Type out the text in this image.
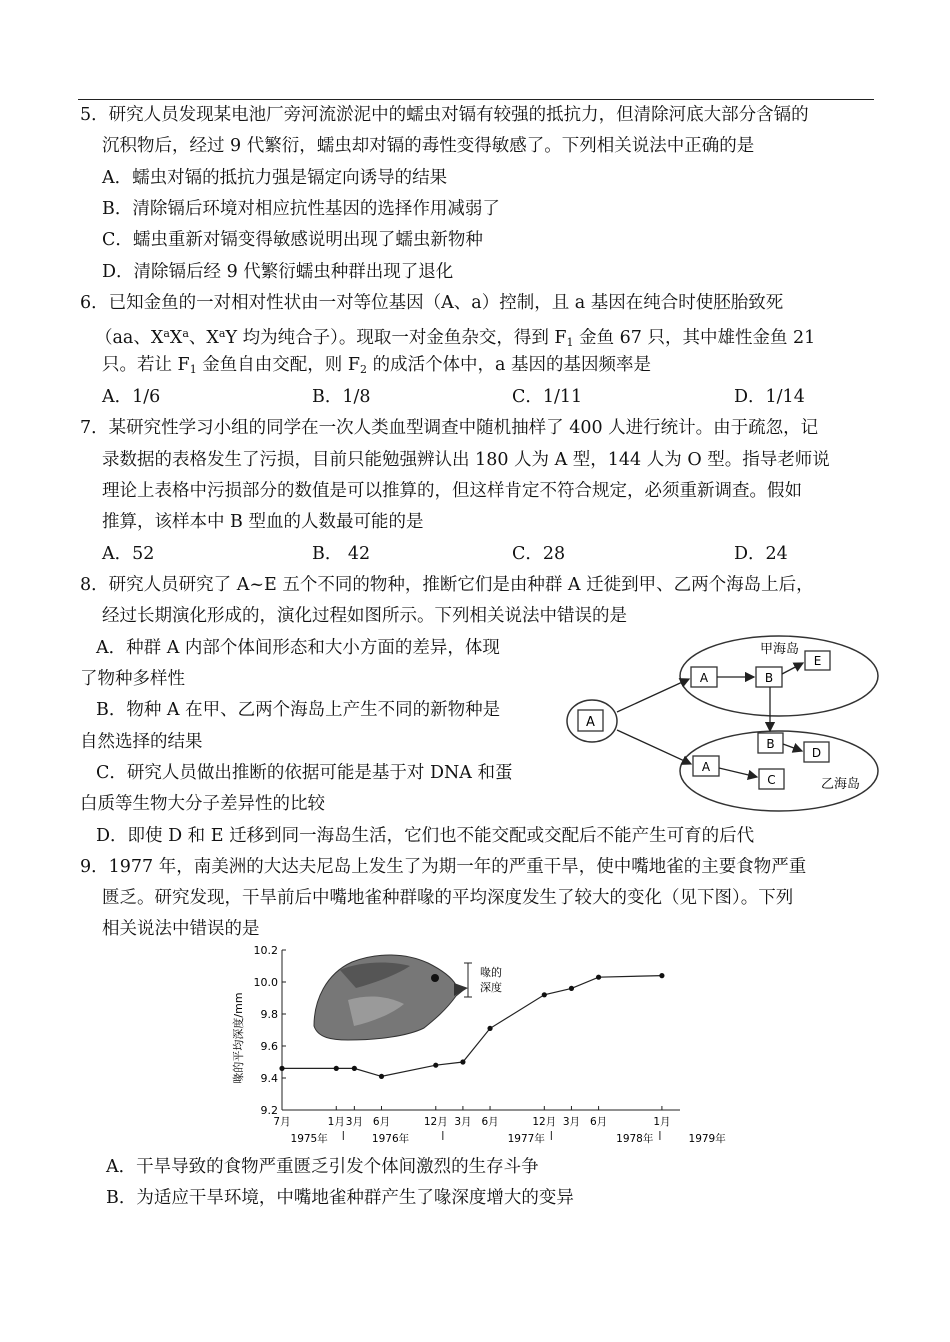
5．研究人员发现某电池厂旁河流淤泥中的蠕虫对镉有较强的抵抗力，但清除河底大部分含镉的
沉积物后，经过 9 代繁衍，蠕虫却对镉的毒性变得敏感了。下列相关说法中正确的是
A．蠕虫对镉的抵抗力强是镉定向诱导的结果
B．清除镉后环境对相应抗性基因的选择作用减弱了
C．蠕虫重新对镉变得敏感说明出现了蠕虫新物种
D．清除镉后经 9 代繁衍蠕虫种群出现了退化
6．已知金鱼的一对相对性状由一对等位基因（A、a）控制，且 a 基因在纯合时使胚胎致死
（aa、$X^aX^a$、$X^aY$ 均为纯合子）。现取一对金鱼杂交，得到 $F_1$ 金鱼 67 只，其中雄性金鱼 21
只。若让 $F_1$ 金鱼自由交配，则 $F_2$ 的成活个体中，a 基因的基因频率是
A．1/6	B．1/8	C．1/11	D．1/14
7．某研究性学习小组的同学在一次人类血型调查中随机抽样了 400 人进行统计。由于疏忽，记
录数据的表格发生了污损，目前只能勉强辨认出 180 人为 A 型，144 人为 O 型。指导老师说
理论上表格中污损部分的数值是可以推算的，但这样肯定不符合规定，必须重新调查。假如
推算，该样本中 B 型血的人数最可能的是
A．52	B． 42	C．28	D．24
8．研究人员研究了 A~E 五个不同的物种，推断它们是由种群 A 迁徙到甲、乙两个海岛上后，
经过长期演化形成的，演化过程如图所示。下列相关说法中错误的是
A．种群 A 内部个体间形态和大小方面的差异，体现
了物种多样性
B．物种 A 在甲、乙两个海岛上产生不同的新物种是
自然选择的结果
C．研究人员做出推断的依据可能是基于对 DNA 和蛋
白质等生物大分子差异性的比较
D．即使 D 和 E 迁移到同一海岛生活，它们也不能交配或交配后不能产生可育的后代
A
甲海岛
A	B
E
乙海岛
B
D
A
C
9．1977 年，南美洲的大达夫尼岛上发生了为期一年的严重干旱，使中嘴地雀的主要食物严重
匮乏。研究发现，干旱前后中嘴地雀种群喙的平均深度发生了较大的变化（见下图）。下列
相关说法中错误的是
喙的平均深度/mm
10.2
10.0
9.8
9.6
9.4
9.2
7月	1月 3月 6月	12月 3月 6月	12月 3月 6月	1月
1975年	1976年	1977年	1978年	1979年
喙的
深度
A．干旱导致的食物严重匮乏引发个体间激烈的生存斗争
B．为适应干旱环境，中嘴地雀种群产生了喙深度增大的变异
